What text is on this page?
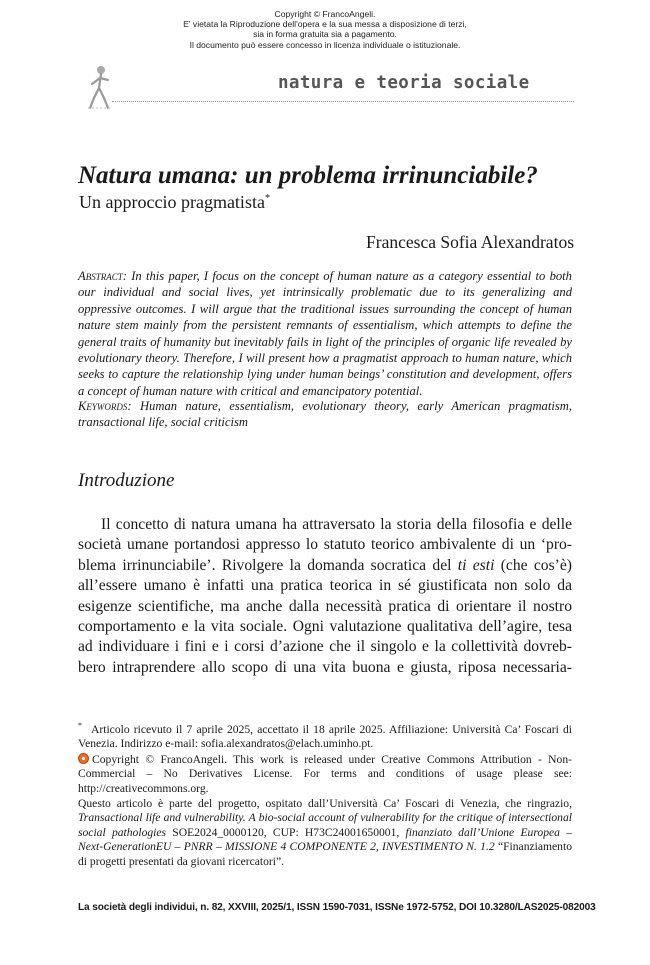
Copyright © FrancoAngeli.
E' vietata la Riproduzione dell'opera e la sua messa a disposizione di terzi,
sia in forma gratuita sia a pagamento.
Il documento può essere concesso in licenza individuale o istituzionale.
natura e teoria sociale
Natura umana: un problema irrinunciabile?
Un approccio pragmatista*
Francesca Sofia Alexandratos
Abstract: In this paper, I focus on the concept of human nature as a category essential to both our individual and social lives, yet intrinsically problematic due to its generalizing and oppressive outcomes. I will argue that the traditional issues surrounding the concept of human nature stem mainly from the persistent remnants of essentialism, which attempts to define the general traits of humanity but inevitably fails in light of the principles of organic life revealed by evolutionary theory. Therefore, I will present how a pragmatist approach to human nature, which seeks to capture the relationship lying under human beings’ constitution and development, offers a concept of human nature with critical and emancipatory potential.
Keywords: Human nature, essentialism, evolutionary theory, early American pragmatism, transactional life, social criticism
Introduzione
Il concetto di natura umana ha attraversato la storia della filosofia e delle
società umane portandosi appresso lo statuto teorico ambivalente di un ‘pro-
blema irrinunciabile’. Rivolgere la domanda socratica del ti esti (che cos’è)
all’essere umano è infatti una pratica teorica in sé giustificata non solo da
esigenze scientifiche, ma anche dalla necessità pratica di orientare il nostro
comportamento e la vita sociale. Ogni valutazione qualitativa dell’agire, tesa
ad individuare i fini e i corsi d’azione che il singolo e la collettività dovreb-
bero intraprendere allo scopo di una vita buona e giusta, riposa necessaria-
* Articolo ricevuto il 7 aprile 2025, accettato il 18 aprile 2025. Affiliazione: Università Ca’ Foscari di Venezia. Indirizzo e-mail: sofia.alexandratos@elach.uminho.pt.
Copyright © FrancoAngeli. This work is released under Creative Commons Attribution - Non-Commercial – No Derivatives License. For terms and conditions of usage please see: http://creativecommons.org.
Questo articolo è parte del progetto, ospitato dall’Università Ca’ Foscari di Venezia, che ringrazio, Transactional life and vulnerability. A bio-social account of vulnerability for the critique of intersectional social pathologies SOE2024_0000120, CUP: H73C24001650001, finanziato dall’Unione Europea – Next-GenerationEU – PNRR – MISSIONE 4 COMPONENTE 2, INVESTIMENTO N. 1.2 “Finanziamento di progetti presentati da giovani ricercatori”.
La società degli individui, n. 82, XXVIII, 2025/1, ISSN 1590-7031, ISSNe 1972-5752, DOI 10.3280/LAS2025-082003
